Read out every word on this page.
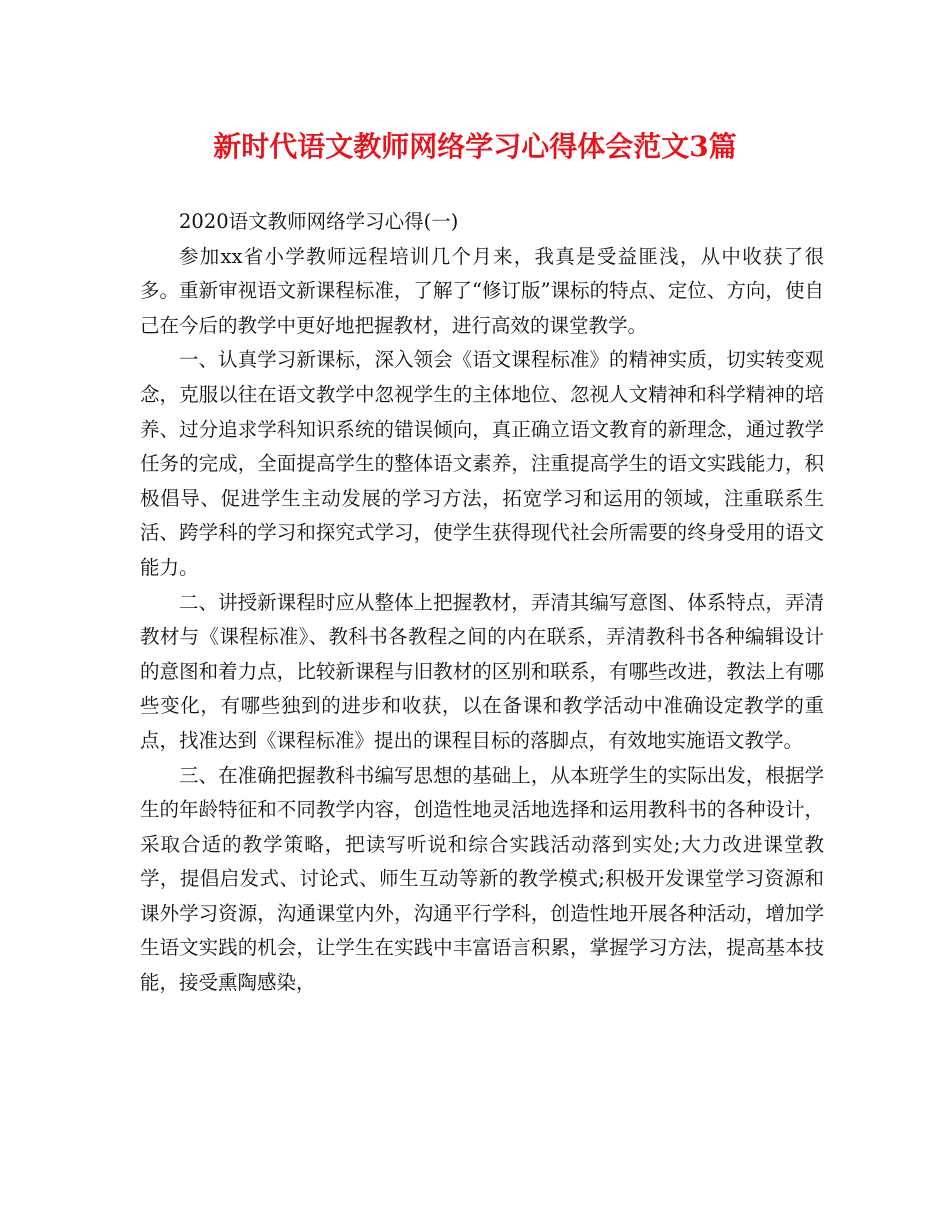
新时代语文教师网络学习心得体会范文3篇

2020语文教师网络学习心得(一)

参加xx省小学教师远程培训几个月来，我真是受益匪浅，从中收获了很多。重新审视语文新课程标准，了解了“修订版”课标的特点、定位、方向，使自己在今后的教学中更好地把握教材，进行高效的课堂教学。

一、认真学习新课标，深入领会《语文课程标准》的精神实质，切实转变观念，克服以往在语文教学中忽视学生的主体地位、忽视人文精神和科学精神的培养、过分追求学科知识系统的错误倾向，真正确立语文教育的新理念，通过教学任务的完成，全面提高学生的整体语文素养，注重提高学生的语文实践能力，积极倡导、促进学生主动发展的学习方法，拓宽学习和运用的领域，注重联系生活、跨学科的学习和探究式学习，使学生获得现代社会所需要的终身受用的语文能力。

二、讲授新课程时应从整体上把握教材，弄清其编写意图、体系特点，弄清教材与《课程标准》、教科书各教程之间的内在联系，弄清教科书各种编辑设计的意图和着力点，比较新课程与旧教材的区别和联系，有哪些改进，教法上有哪些变化，有哪些独到的进步和收获，以在备课和教学活动中准确设定教学的重点，找准达到《课程标准》提出的课程目标的落脚点，有效地实施语文教学。

三、在准确把握教科书编写思想的基础上，从本班学生的实际出发，根据学生的年龄特征和不同教学内容，创造性地灵活地选择和运用教科书的各种设计，采取合适的教学策略，把读写听说和综合实践活动落到实处;大力改进课堂教学，提倡启发式、讨论式、师生互动等新的教学模式;积极开发课堂学习资源和课外学习资源，沟通课堂内外，沟通平行学科，创造性地开展各种活动，增加学生语文实践的机会，让学生在实践中丰富语言积累，掌握学习方法，提高基本技能，接受熏陶感染，
